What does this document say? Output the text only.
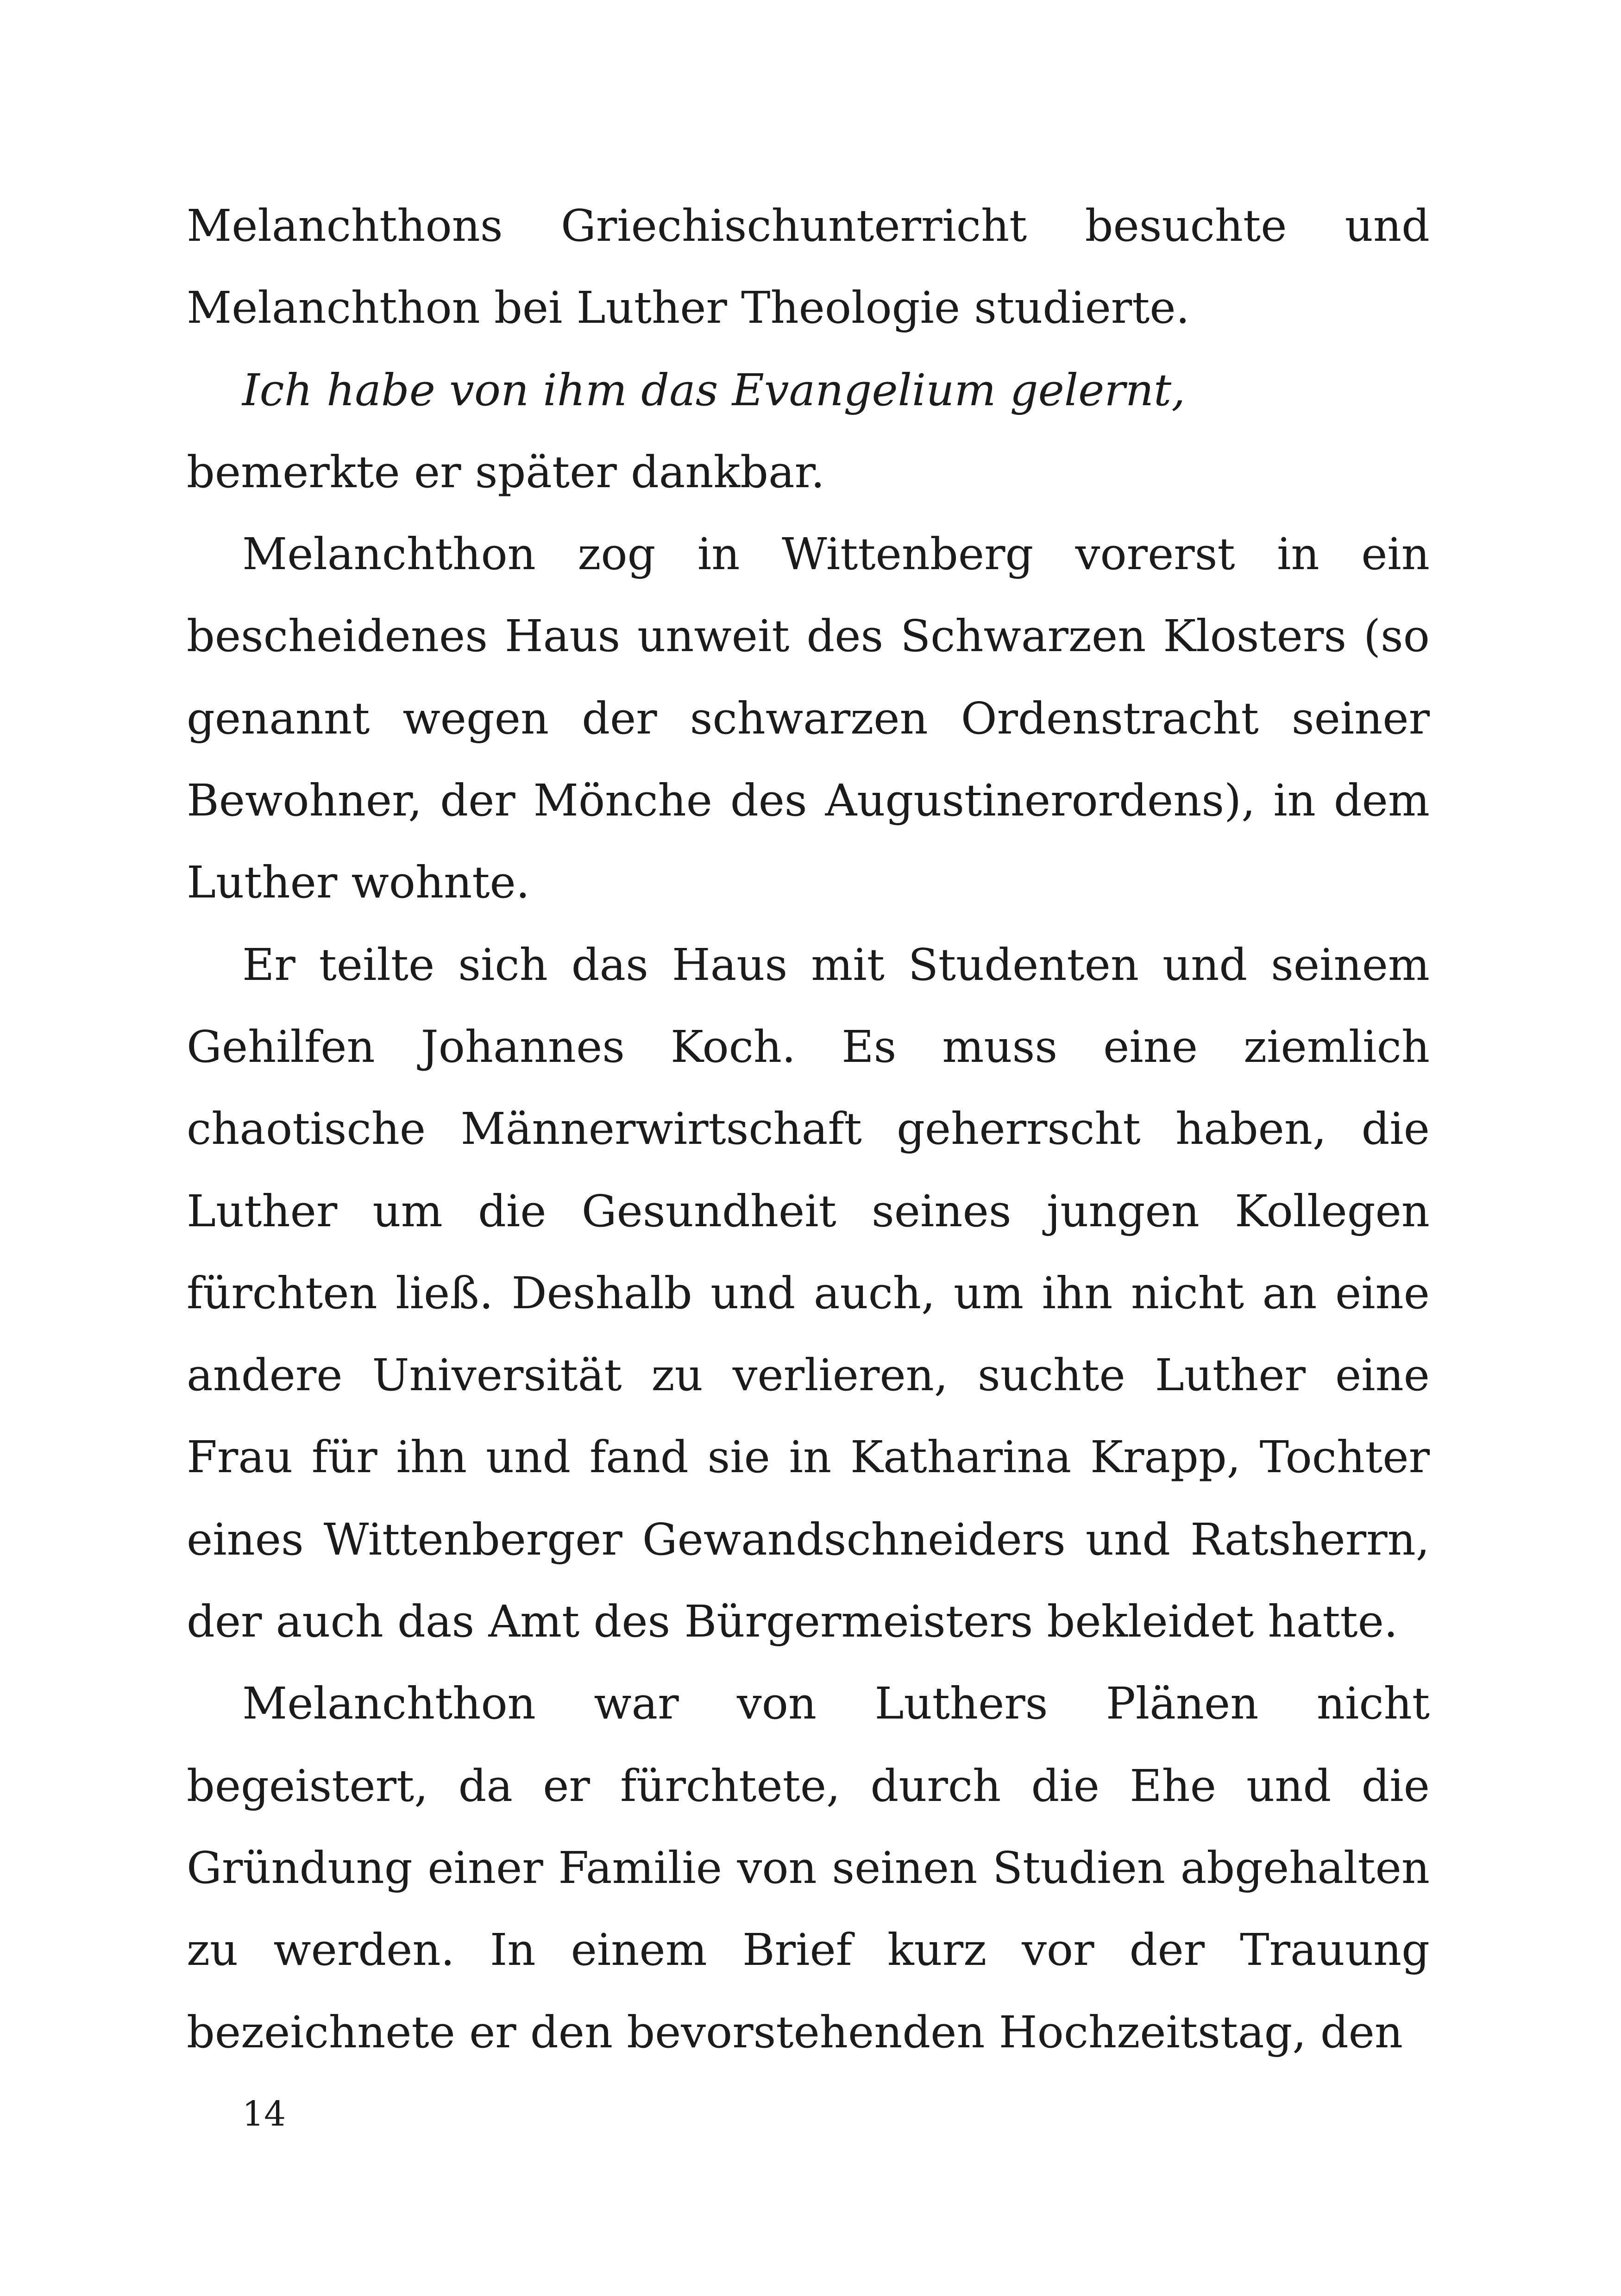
Melanchthons Griechischunterricht besuchte und Melanchthon bei Luther Theologie studierte.

Ich habe von ihm das Evangelium gelernt,

bemerkte er später dankbar.

Melanchthon zog in Wittenberg vorerst in ein bescheidenes Haus unweit des Schwarzen Klosters (so genannt wegen der schwarzen Ordenstracht seiner Bewohner, der Mönche des Augustinerordens), in dem Luther wohnte.

Er teilte sich das Haus mit Studenten und seinem Gehilfen Johannes Koch. Es muss eine ziemlich chaotische Männerwirtschaft geherrscht haben, die Luther um die Gesundheit seines jungen Kollegen fürchten ließ. Deshalb und auch, um ihn nicht an eine andere Universität zu verlieren, suchte Luther eine Frau für ihn und fand sie in Katharina Krapp, Tochter eines Wittenberger Gewandschneiders und Ratsherrn, der auch das Amt des Bürgermeisters bekleidet hatte.

Melanchthon war von Luthers Plänen nicht begeistert, da er fürchtete, durch die Ehe und die Gründung einer Familie von seinen Studien abgehalten zu werden. In einem Brief kurz vor der Trauung bezeichnete er den bevorstehenden Hochzeitstag, den

14
